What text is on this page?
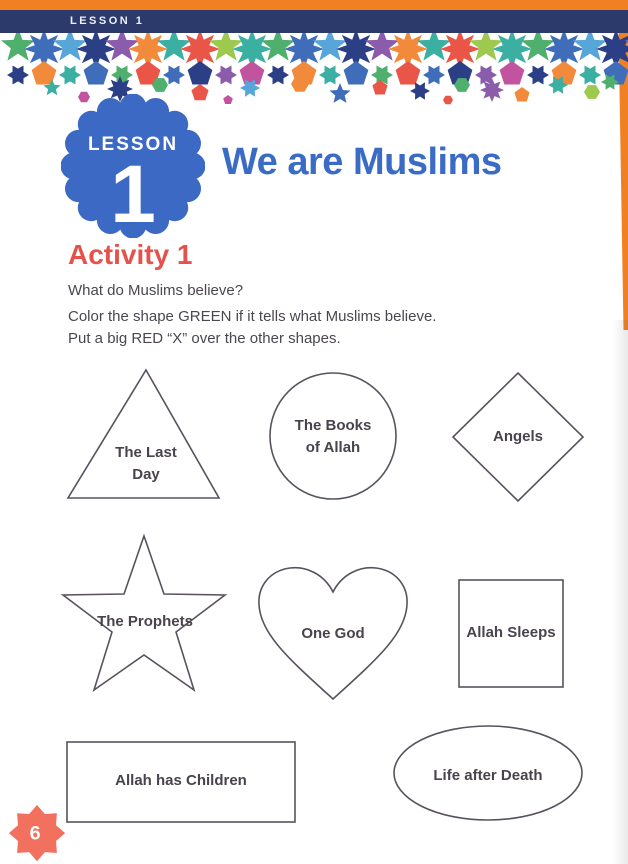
LESSON 1
LESSON
1 We are Muslims
Activity 1
What do Muslims believe?
Color the shape GREEN if it tells what Muslims believe.
Put a big RED “X” over the other shapes.
The Last
Day
The Books
of Allah
Angels
The Prophets
One God	Allah Sleeps
Allah has Children	Life after Death
6
